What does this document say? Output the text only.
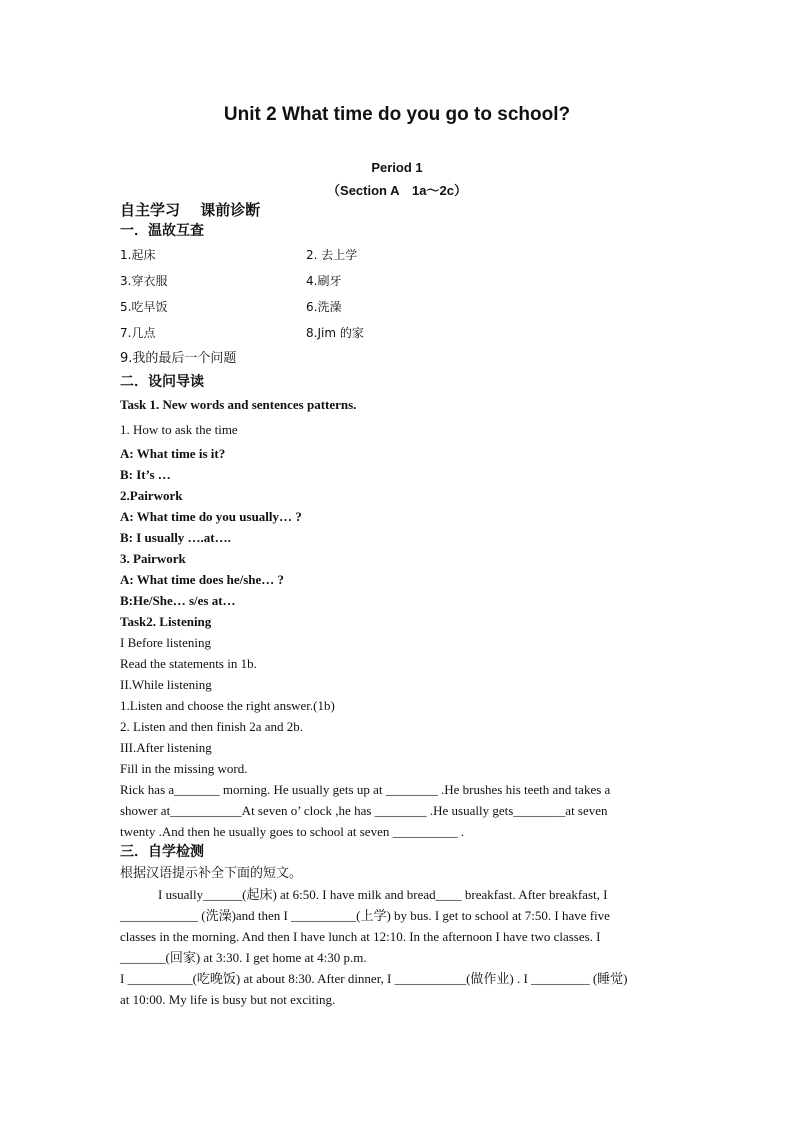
Unit 2 What time do you go to school?
Period 1
（Section A　1a～2c）
自主学习　 课前诊断
一．温故互查
1.起床	2. 去上学
3.穿衣服	4.刷牙
5.吃早饭	6.洗澡
7.几点	8.Jim 的家
9.我的最后一个问题
二．设问导读
Task 1. New words and sentences patterns.
1. How to ask the time
A: What time is it?
B: It’s …
2.Pairwork
A: What time do you usually… ?
B: I usually ….at….
3. Pairwork
A: What time does he/she… ?
B:He/She… s/es at…
Task2. Listening
I Before listening
Read the statements in 1b.
II.While listening
1.Listen and choose the right answer.(1b)
2. Listen and then finish 2a and 2b.
III.After listening
Fill in the missing word.
Rick has a_______ morning. He usually gets up at ________ .He brushes his teeth and takes a
shower at___________At seven o’ clock ,he has ________ .He usually gets________at seven
twenty .And then he usually goes to school at seven __________ .
三．自学检测
根据汉语提示补全下面的短文。
I usually______(起床) at 6:50. I have milk and bread____ breakfast. After breakfast, I
____________ (洗澡)and then I __________(上学) by bus. I get to school at 7:50. I have five
classes in the morning. And then I have lunch at 12:10. In the afternoon I have two classes. I
_______(回家) at 3:30. I get home at 4:30 p.m.
I __________(吃晚饭) at about 8:30. After dinner, I ___________(做作业) . I _________ (睡觉)
at 10:00. My life is busy but not exciting.
